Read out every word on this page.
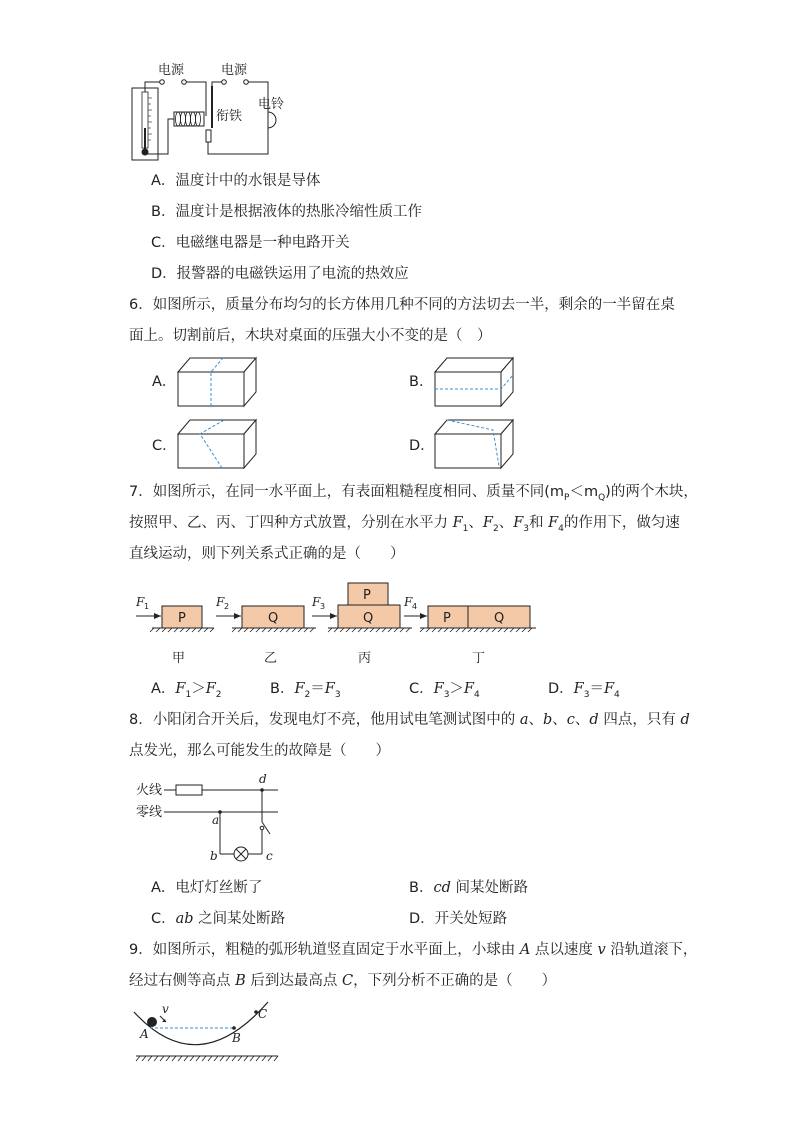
电源	电源
衔铁
电铃
A．温度计中的水银是导体
B．温度计是根据液体的热胀冷缩性质工作
C．电磁继电器是一种电路开关
D．报警器的电磁铁运用了电流的热效应
6．如图所示，质量分布均匀的长方体用几种不同的方法切去一半，剩余的一半留在桌
面上。切割前后，木块对桌面的压强大小不变的是（　）
A．	B．
C．	D．
7．如图所示，在同一水平面上，有表面粗糙程度相同、质量不同$(m_P<m_Q)$的两个木块，
按照甲、乙、丙、丁四种方式放置，分别在水平力 $F_1$、$F_2$、$F_3$和 $F_4$的作用下，做匀速
直线运动，则下列关系式正确的是（　　）
F 1
P
甲
F 2
Q
乙
F 3
P
Q
丙
F 4
P	Q
丁
A．$F_1>F_2$	B．$F_2=F_3$	C．$F_3>F_4$	D．$F_3=F_4$
8．小阳闭合开关后，发现电灯不亮，他用试电笔测试图中的 a、b、c、d 四点，只有 d
点发光，那么可能发生的故障是（　　）
火线
零线
d
a
b	c
A．电灯灯丝断了	B．cd 间某处断路
C．ab 之间某处断路	D．开关处短路
9．如图所示，粗糙的弧形轨道竖直固定于水平面上，小球由 A 点以速度 v 沿轨道滚下，
经过右侧等高点 B 后到达最高点 C，下列分析不正确的是（　　）
A	B
C
v
